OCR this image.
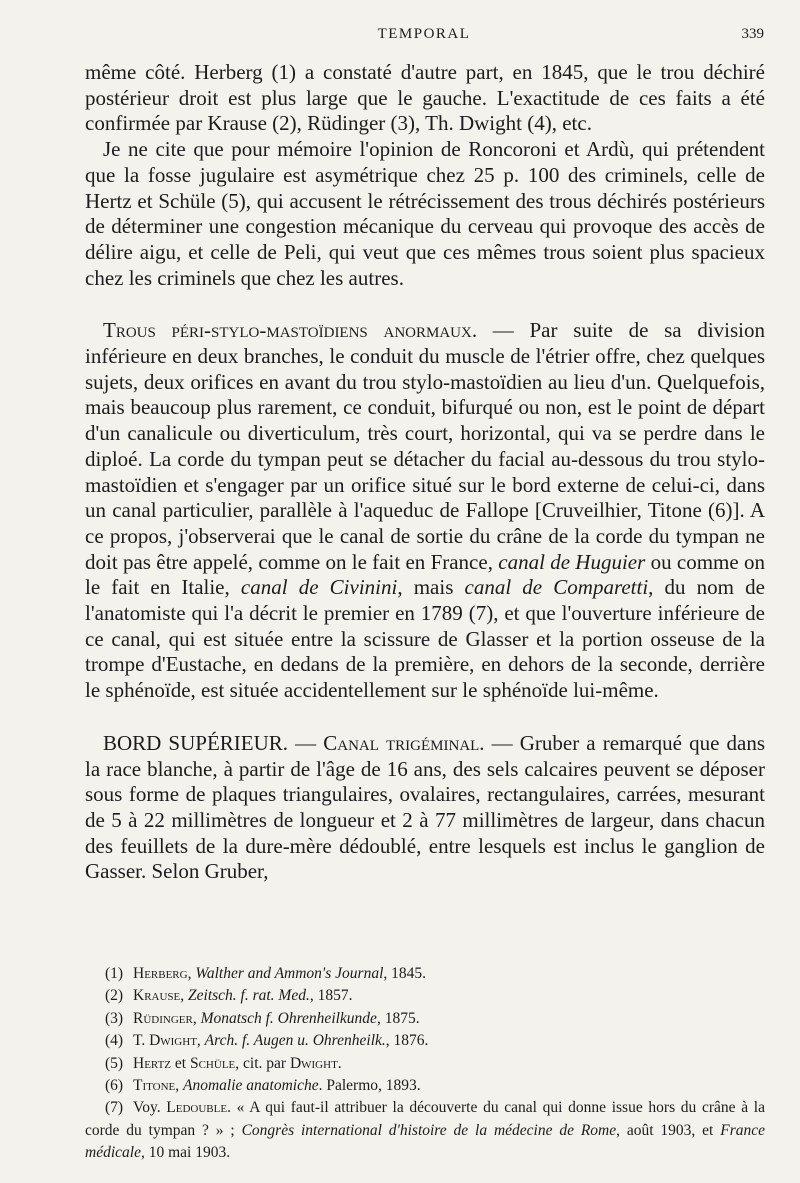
TEMPORAL	339

même côté. Herberg (1) a constaté d'autre part, en 1845, que le trou déchiré postérieur droit est plus large que le gauche. L'exactitude de ces faits a été confirmée par Krause (2), Rüdinger (3), Th. Dwight (4), etc.

Je ne cite que pour mémoire l'opinion de Roncoroni et Ardù, qui prétendent que la fosse jugulaire est asymétrique chez 25 p. 100 des criminels, celle de Hertz et Schüle (5), qui accusent le rétrécissement des trous déchirés postérieurs de déterminer une congestion mécanique du cerveau qui provoque des accès de délire aigu, et celle de Peli, qui veut que ces mêmes trous soient plus spacieux chez les criminels que chez les autres.

Trous péri-stylo-mastoïdiens anormaux. — Par suite de sa division inférieure en deux branches, le conduit du muscle de l'étrier offre, chez quelques sujets, deux orifices en avant du trou stylo-mastoïdien au lieu d'un. Quelquefois, mais beaucoup plus rarement, ce conduit, bifurqué ou non, est le point de départ d'un canalicule ou diverticulum, très court, horizontal, qui va se perdre dans le diploé. La corde du tympan peut se détacher du facial au-dessous du trou stylo-mastoïdien et s'engager par un orifice situé sur le bord externe de celui-ci, dans un canal particulier, parallèle à l'aqueduc de Fallope [Cruveilhier, Titone (6)]. A ce propos, j'observerai que le canal de sortie du crâne de la corde du tympan ne doit pas être appelé, comme on le fait en France, canal de Huguier ou comme on le fait en Italie, canal de Civinini, mais canal de Comparetti, du nom de l'anatomiste qui l'a décrit le premier en 1789 (7), et que l'ouverture inférieure de ce canal, qui est située entre la scissure de Glasser et la portion osseuse de la trompe d'Eustache, en dedans de la première, en dehors de la seconde, derrière le sphénoïde, est située accidentellement sur le sphénoïde lui-même.

BORD SUPÉRIEUR. — Canal trigéminal. — Gruber a remarqué que dans la race blanche, à partir de l'âge de 16 ans, des sels calcaires peuvent se déposer sous forme de plaques triangulaires, ovalaires, rectangulaires, carrées, mesurant de 5 à 22 millimètres de longueur et 2 à 77 millimètres de largeur, dans chacun des feuillets de la dure-mère dédoublé, entre lesquels est inclus le ganglion de Gasser. Selon Gruber,

(1) Herberg, Walther and Ammon's Journal, 1845.

(2) Krause, Zeitsch. f. rat. Med., 1857.

(3) Rüdinger, Monatsch f. Ohrenheilkunde, 1875.

(4) T. Dwight, Arch. f. Augen u. Ohrenheilk., 1876.

(5) Hertz et Schüle, cit. par Dwight.

(6) Titone, Anomalie anatomiche. Palermo, 1893.

(7) Voy. Ledouble. « A qui faut-il attribuer la découverte du canal qui donne issue hors du crâne à la corde du tympan ? » ; Congrès international d'histoire de la médecine de Rome, août 1903, et France médicale, 10 mai 1903.
